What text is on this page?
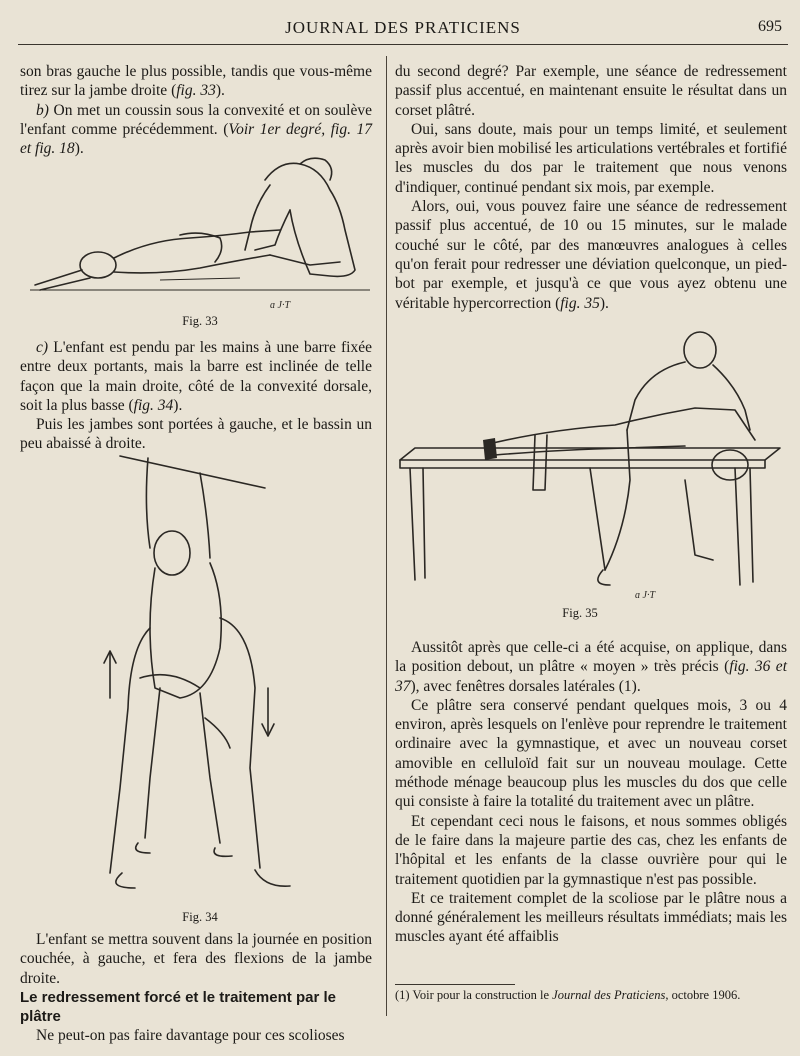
JOURNAL DES PRATICIENS	695

son bras gauche le plus possible, tandis que vous-même tirez sur la jambe droite (fig. 33).

b) On met un coussin sous la convexité et on soulève l'enfant comme précédemment. (Voir 1er degré, fig. 17 et fig. 18).

ɑ J·T
Fig. 33

c) L'enfant est pendu par les mains à une barre fixée entre deux portants, mais la barre est inclinée de telle façon que la main droite, côté de la convexité dorsale, soit la plus basse (fig. 34).

Puis les jambes sont portées à gauche, et le bassin un peu abaissé à droite.

Fig. 34

L'enfant se mettra souvent dans la journée en position couchée, à gauche, et fera des flexions de la jambe droite.

Le redressement forcé et le traitement par le plâtre

Ne peut-on pas faire davantage pour ces scolioses

du second degré? Par exemple, une séance de redressement passif plus accentué, en maintenant ensuite le résultat dans un corset plâtré.

Oui, sans doute, mais pour un temps limité, et seulement après avoir bien mobilisé les articulations vertébrales et fortifié les muscles du dos par le traitement que nous venons d'indiquer, continué pendant six mois, par exemple.

Alors, oui, vous pouvez faire une séance de redressement passif plus accentué, de 10 ou 15 minutes, sur le malade couché sur le côté, par des manœuvres analogues à celles qu'on ferait pour redresser une déviation quelconque, un pied-bot par exemple, et jusqu'à ce que vous ayez obtenu une véritable hypercorrection (fig. 35).

ɑ J·T
Fig. 35

Aussitôt après que celle-ci a été acquise, on applique, dans la position debout, un plâtre « moyen » très précis (fig. 36 et 37), avec fenêtres dorsales latérales (1).

Ce plâtre sera conservé pendant quelques mois, 3 ou 4 environ, après lesquels on l'enlève pour reprendre le traitement ordinaire avec la gymnastique, et avec un nouveau corset amovible en celluloïd fait sur un nouveau moulage. Cette méthode ménage beaucoup plus les muscles du dos que celle qui consiste à faire la totalité du traitement avec un plâtre.

Et cependant ceci nous le faisons, et nous sommes obligés de le faire dans la majeure partie des cas, chez les enfants de l'hôpital et les enfants de la classe ouvrière pour qui le traitement quotidien par la gymnastique n'est pas possible.

Et ce traitement complet de la scoliose par le plâtre nous a donné généralement les meilleurs résultats immédiats; mais les muscles ayant été affaiblis

(1) Voir pour la construction le Journal des Praticiens, octobre 1906.
